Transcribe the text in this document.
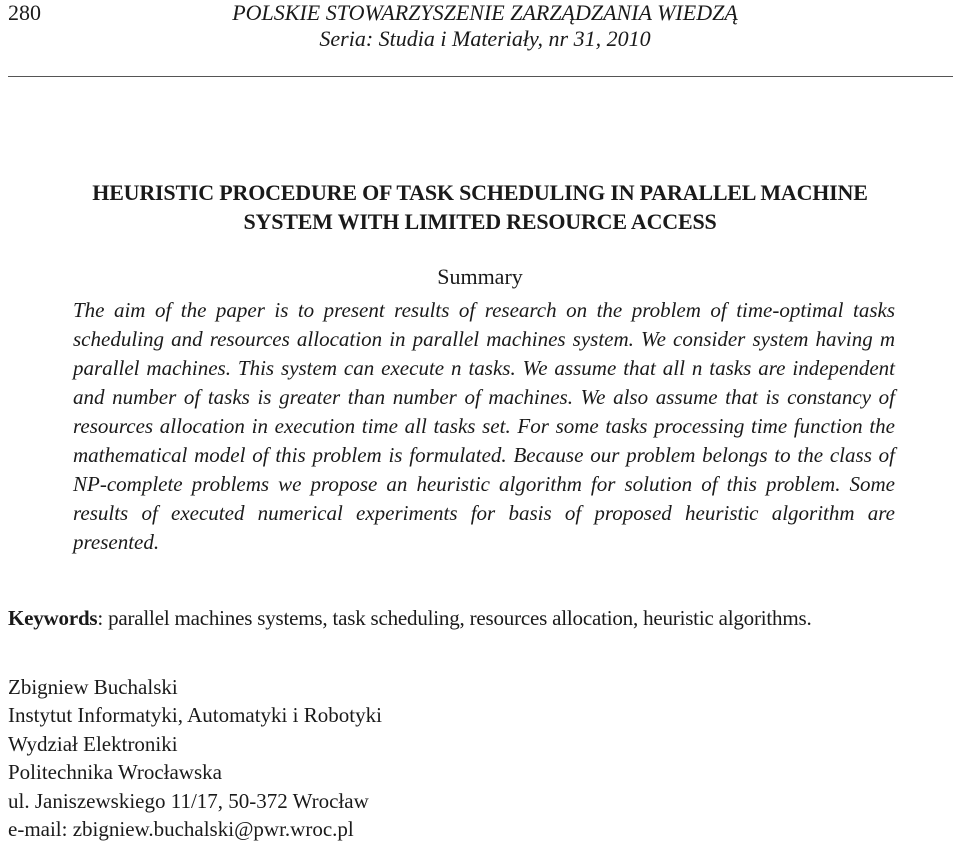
280	POLSKIE STOWARZYSZENIE ZARZĄDZANIA WIEDZĄ
Seria: Studia i Materiały, nr 31, 2010
HEURISTIC PROCEDURE OF TASK SCHEDULING IN PARALLEL MACHINE
SYSTEM WITH LIMITED RESOURCE ACCESS
Summary

The aim of the paper is to present results of research on the problem of time-optimal tasks scheduling and resources allocation in parallel machines system. We consider system having m parallel machines. This system can execute n tasks. We assume that all n tasks are independent and number of tasks is greater than number of machines. We also assume that is constancy of resources allocation in execution time all tasks set. For some tasks processing time function the mathematical model of this problem is formulated. Because our problem belongs to the class of NP-complete problems we propose an heuristic algorithm for solution of this problem. Some results of executed numerical experiments for basis of proposed heuristic algorithm are presented.

Keywords: parallel machines systems, task scheduling, resources allocation, heuristic algorithms.
Zbigniew Buchalski
Instytut Informatyki, Automatyki i Robotyki
Wydział Elektroniki
Politechnika Wrocławska
ul. Janiszewskiego 11/17, 50-372 Wrocław
e-mail: zbigniew.buchalski@pwr.wroc.pl
